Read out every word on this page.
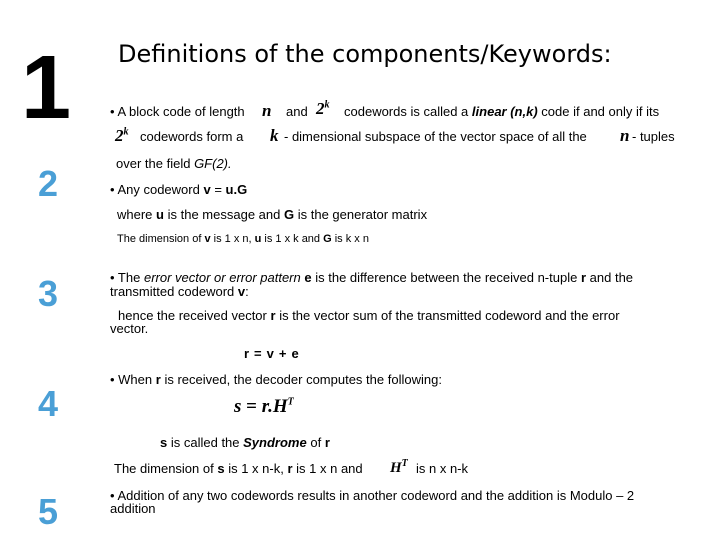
1
2
3
4
5
Definitions of the components/Keywords:
• A block code of length n and 2$^k$ codewords is called a linear (n,k) code if and only if its
2$^k$ codewords form a k - dimensional subspace of the vector space of all the n - tuples
over the field GF(2).
• Any codeword v = u.G
where u is the message and G is the generator matrix
The dimension of v is 1 x n, u is 1 x k and G is k x n
• The error vector or error pattern e is the difference between the received n-tuple r and the
transmitted codeword v:
hence the received vector r is the vector sum of the transmitted codeword and the error
vector.
r=v+e
• When r is received, the decoder computes the following:
$s = r.H^T$
s is called the Syndrome of r
The dimension of s is 1 x n-k, r is 1 x n and $H^T$ is n x n-k
• Addition of any two codewords results in another codeword and the addition is Modulo – 2
addition
